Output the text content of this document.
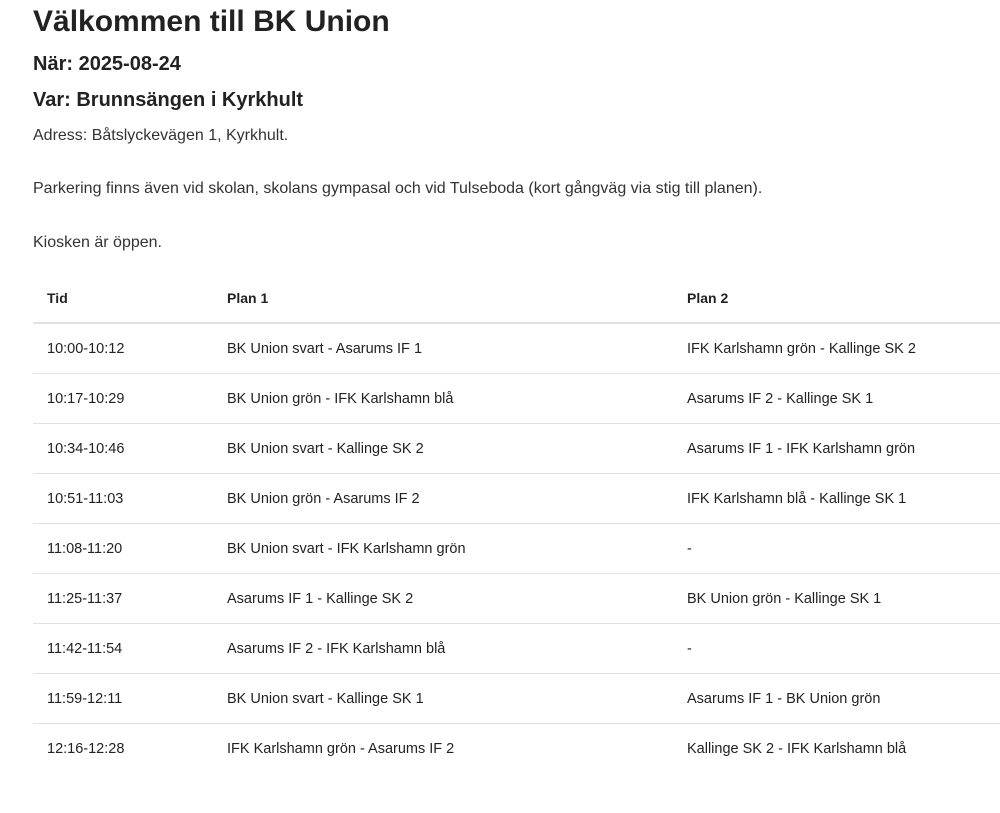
Välkommen till BK Union
När: 2025-08-24
Var: Brunnsängen i Kyrkhult
Adress: Båtslyckevägen 1, Kyrkhult.
Parkering finns även vid skolan, skolans gympasal och vid Tulseboda (kort gångväg via stig till planen).
Kiosken är öppen.
Tid	Plan 1	Plan 2
10:00-10:12	BK Union svart - Asarums IF 1	IFK Karlshamn grön - Kallinge SK 2
10:17-10:29	BK Union grön - IFK Karlshamn blå	Asarums IF 2 - Kallinge SK 1
10:34-10:46	BK Union svart - Kallinge SK 2	Asarums IF 1 - IFK Karlshamn grön
10:51-11:03	BK Union grön - Asarums IF 2	IFK Karlshamn blå - Kallinge SK 1
11:08-11:20	BK Union svart - IFK Karlshamn grön	-
11:25-11:37	Asarums IF 1 - Kallinge SK 2	BK Union grön - Kallinge SK 1
11:42-11:54	Asarums IF 2 - IFK Karlshamn blå	-
11:59-12:11	BK Union svart - Kallinge SK 1	Asarums IF 1 - BK Union grön
12:16-12:28	IFK Karlshamn grön - Asarums IF 2	Kallinge SK 2 - IFK Karlshamn blå
